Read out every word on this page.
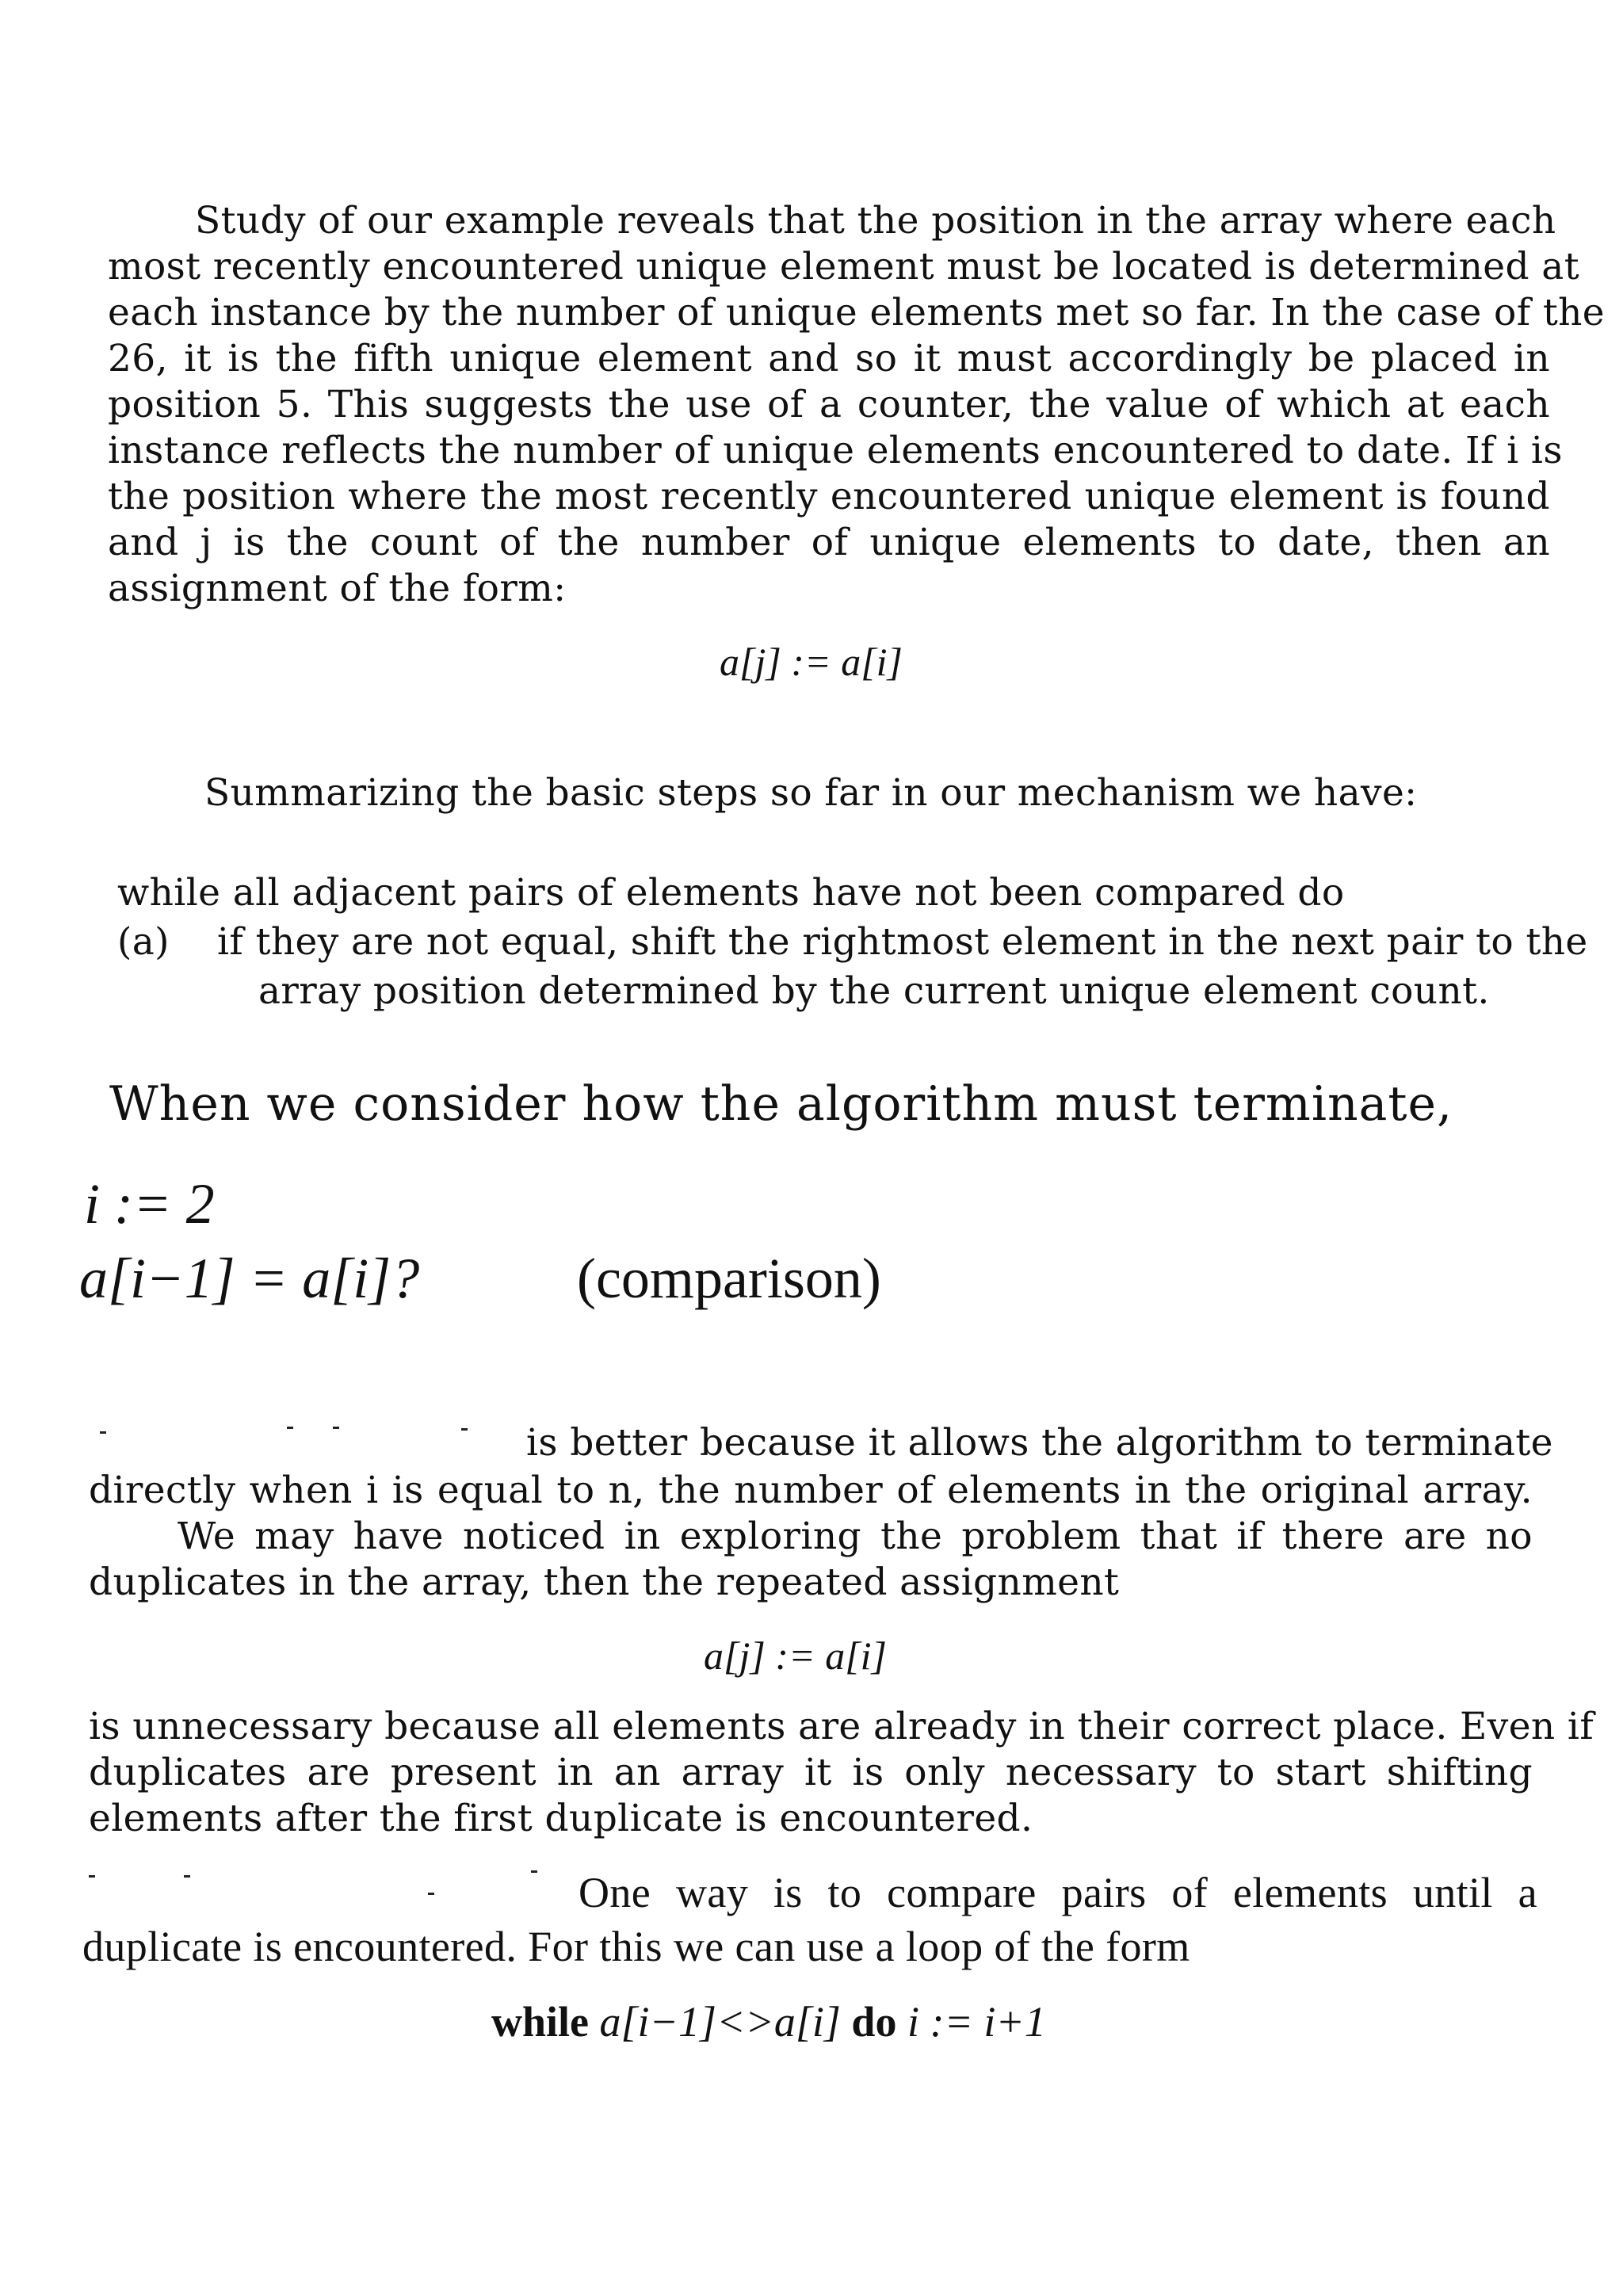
Study of our example reveals that the position in the array where each
most recently encountered unique element must be located is determined at
each instance by the number of unique elements met so far. In the case of the
26, it is the fifth unique element and so it must accordingly be placed in
position 5. This suggests the use of a counter, the value of which at each
instance reflects the number of unique elements encountered to date. If i is
the position where the most recently encountered unique element is found
and j is the count of the number of unique elements to date, then an
assignment of the form:
a[j] := a[i]
Summarizing the basic steps so far in our mechanism we have:
while all adjacent pairs of elements have not been compared do
(a) if they are not equal, shift the rightmost element in the next pair to the
array position determined by the current unique element count.
When we consider how the algorithm must terminate,
i := 2
a[i−1] = a[i]?	(comparison)
is better because it allows the algorithm to terminate
directly when i is equal to n, the number of elements in the original array.
We may have noticed in exploring the problem that if there are no
duplicates in the array, then the repeated assignment
a[j] := a[i]
is unnecessary because all elements are already in their correct place. Even if
duplicates are present in an array it is only necessary to start shifting
elements after the first duplicate is encountered.
One way is to compare pairs of elements until a
duplicate is encountered. For this we can use a loop of the form
while a[i−1]<>a[i] do i := i+1
